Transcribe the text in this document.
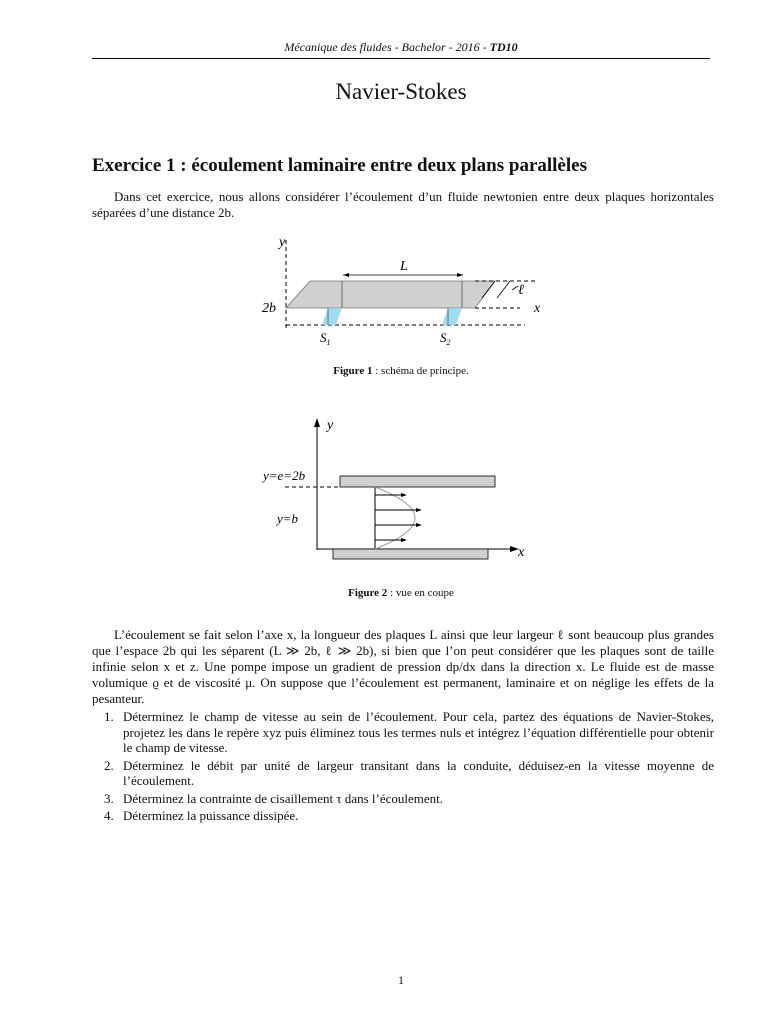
Mécanique des fluides - Bachelor - 2016 - TD10
Navier-Stokes
Exercice 1 : écoulement laminaire entre deux plans parallèles

Dans cet exercice, nous allons considérer l’écoulement d’un fluide newtonien entre deux plaques horizontales séparées d’une distance 2b.

y
L
ℓ
x
2b
$S_1$	$S_2$
Figure 1 : schéma de principe.
y
y=e=2b
y=b
x
Figure 2 : vue en coupe

L’écoulement se fait selon l’axe x, la longueur des plaques L ainsi que leur largeur ℓ sont beaucoup plus grandes que l’espace 2b qui les séparent (L ≫ 2b, ℓ ≫ 2b), si bien que l’on peut considérer que les plaques sont de taille infinie selon x et z. Une pompe impose un gradient de pression dp/dx dans la direction x. Le fluide est de masse volumique ϱ et de viscosité μ. On suppose que l’écoulement est permanent, laminaire et on néglige les effets de la pesanteur.

1. Déterminez le champ de vitesse au sein de l’écoulement. Pour cela, partez des équations de Navier-Stokes, projetez les dans le repère xyz puis éliminez tous les termes nuls et intégrez l’équation différentielle pour obtenir le champ de vitesse.
2. Déterminez le débit par unité de largeur transitant dans la conduite, déduisez-en la vitesse moyenne de l’écoulement.
3. Déterminez la contrainte de cisaillement τ dans l’écoulement.
4. Déterminez la puissance dissipée.
1
